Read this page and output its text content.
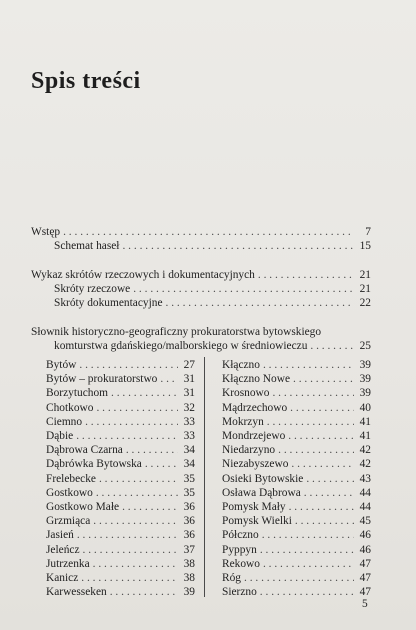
Spis treści
Wstęp . . .	7
Schemat haseł . . .	15
Wykaz skrótów rzeczowych i dokumentacyjnych . . .	21
Skróty rzeczowe . . .	21
Skróty dokumentacyjne . . .	22
Słownik historyczno-geograficzny prokuratorstwa bytowskiego
komturstwa gdańskiego/malborskiego w średniowieczu . . .	25
Bytów . . .	27
Bytów – prokuratorstwo . . . 31
Borzytuchom . . .	31
Chotkowo . . .	32
Ciemno . . .	33
Dąbie . . .	33
Dąbrowa Czarna . . .	34
Dąbrówka Bytowska . . .	34
Frelebecke . . .	35
Gostkowo . . .	35
Gostkowo Małe . . .	36
Grzmiąca . . .	36
Jasień . . .	36
Jeleńcz . . .	37
Jutrzenka . . .	38
Kanicz . . .	38
Karwesseken . . .	39
Kłączno . . .	39
Kłączno Nowe . . .	39
Krosnowo . . .	39
Mądrzechowo . . .	40
Mokrzyn . . .	41
Mondrzejewo . . .	41
Niedarzyno . . .	42
Niezabyszewo . . .	42
Osieki Bytowskie . . .	43
Osława Dąbrowa . . .	44
Pomysk Mały . . .	44
Pomysk Wielki . . .	45
Półczno . . .	46
Pyppyn . . .	46
Rekowo . . .	47
Róg . . .	47
Sierzno . . .	47
5
